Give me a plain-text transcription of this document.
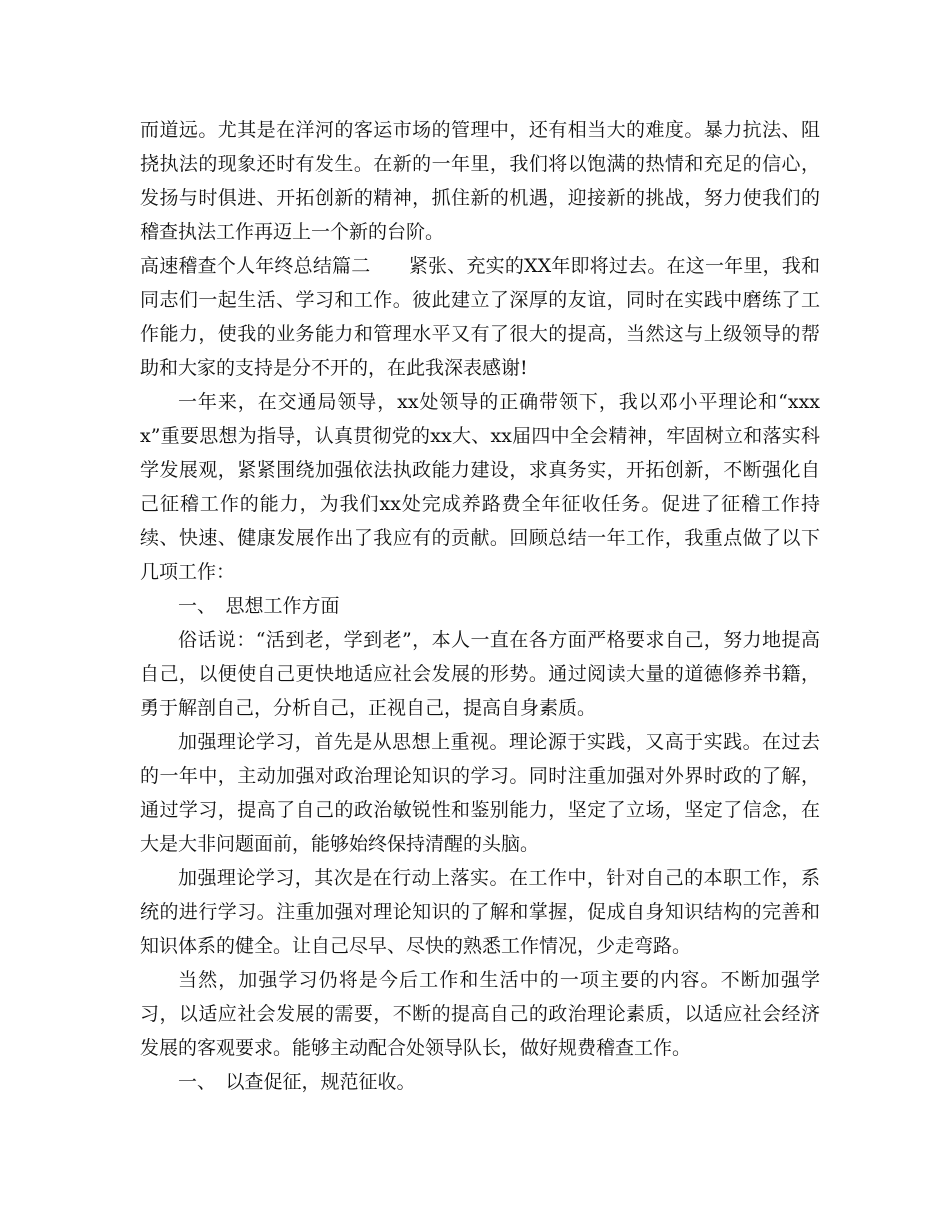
而道远。尤其是在洋河的客运市场的管理中，还有相当大的难度。暴力抗法、阻挠执法的现象还时有发生。在新的一年里，我们将以饱满的热情和充足的信心，发扬与时俱进、开拓创新的精神，抓住新的机遇，迎接新的挑战，努力使我们的稽查执法工作再迈上一个新的台阶。

高速稽查个人年终总结篇二　　紧张、充实的XX年即将过去。在这一年里，我和同志们一起生活、学习和工作。彼此建立了深厚的友谊，同时在实践中磨练了工作能力，使我的业务能力和管理水平又有了很大的提高，当然这与上级领导的帮助和大家的支持是分不开的，在此我深表感谢!

一年来，在交通局领导，xx处领导的正确带领下，我以邓小平理论和“xxxx”重要思想为指导，认真贯彻党的xx大、xx届四中全会精神，牢固树立和落实科学发展观，紧紧围绕加强依法执政能力建设，求真务实，开拓创新，不断强化自己征稽工作的能力，为我们xx处完成养路费全年征收任务。促进了征稽工作持续、快速、健康发展作出了我应有的贡献。回顾总结一年工作，我重点做了以下几项工作：

一、　思想工作方面

俗话说：“活到老，学到老”，本人一直在各方面严格要求自己，努力地提高自己，以便使自己更快地适应社会发展的形势。通过阅读大量的道德修养书籍，勇于解剖自己，分析自己，正视自己，提高自身素质。

加强理论学习，首先是从思想上重视。理论源于实践，又高于实践。在过去的一年中，主动加强对政治理论知识的学习。同时注重加强对外界时政的了解，通过学习，提高了自己的政治敏锐性和鉴别能力，坚定了立场，坚定了信念，在大是大非问题面前，能够始终保持清醒的头脑。

加强理论学习，其次是在行动上落实。在工作中，针对自己的本职工作，系统的进行学习。注重加强对理论知识的了解和掌握，促成自身知识结构的完善和知识体系的健全。让自己尽早、尽快的熟悉工作情况，少走弯路。

当然，加强学习仍将是今后工作和生活中的一项主要的内容。不断加强学习，以适应社会发展的需要，不断的提高自己的政治理论素质，以适应社会经济发展的客观要求。能够主动配合处领导队长，做好规费稽查工作。

一、　以查促征，规范征收。
